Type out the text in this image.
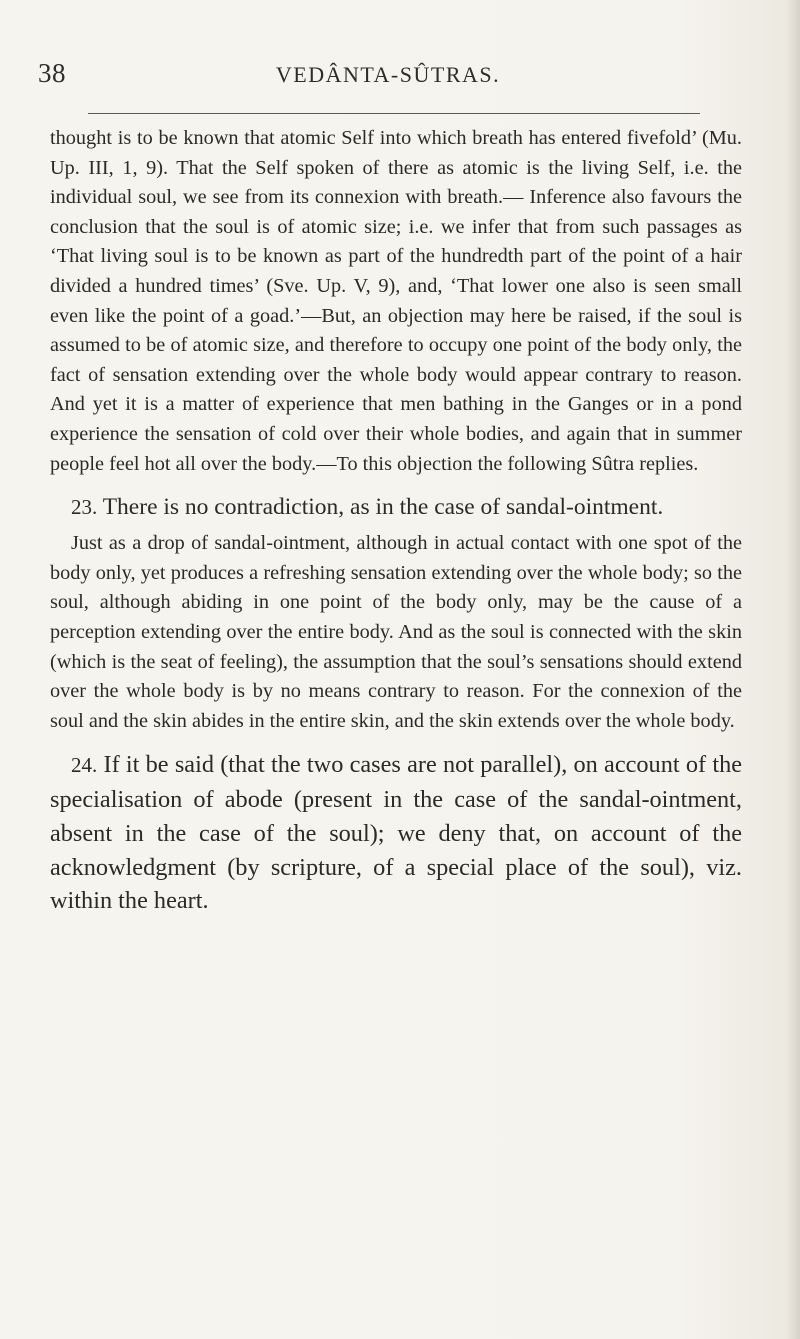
38	VEDÂNTA-SÛTRAS.

thought is to be known that atomic Self into which breath has entered fivefold’ (Mu. Up. III, 1, 9). That the Self spoken of there as atomic is the living Self, i.e. the individual soul, we see from its connexion with breath.— Inference also favours the conclusion that the soul is of atomic size; i.e. we infer that from such passages as ‘That living soul is to be known as part of the hundredth part of the point of a hair divided a hundred times’ (Sve. Up. V, 9), and, ‘That lower one also is seen small even like the point of a goad.’—But, an objection may here be raised, if the soul is assumed to be of atomic size, and therefore to occupy one point of the body only, the fact of sensation extending over the whole body would appear contrary to reason. And yet it is a matter of experience that men bathing in the Ganges or in a pond experience the sensation of cold over their whole bodies, and again that in summer people feel hot all over the body.—To this objection the following Sûtra replies.

23. There is no contradiction, as in the case of sandal-ointment.

Just as a drop of sandal-ointment, although in actual contact with one spot of the body only, yet produces a refreshing sensation extending over the whole body; so the soul, although abiding in one point of the body only, may be the cause of a perception extending over the entire body. And as the soul is connected with the skin (which is the seat of feeling), the assumption that the soul’s sensations should extend over the whole body is by no means contrary to reason. For the connexion of the soul and the skin abides in the entire skin, and the skin extends over the whole body.

24. If it be said (that the two cases are not parallel), on account of the specialisation of abode (present in the case of the sandal-ointment, absent in the case of the soul); we deny that, on account of the acknowledgment (by scripture, of a special place of the soul), viz. within the heart.
